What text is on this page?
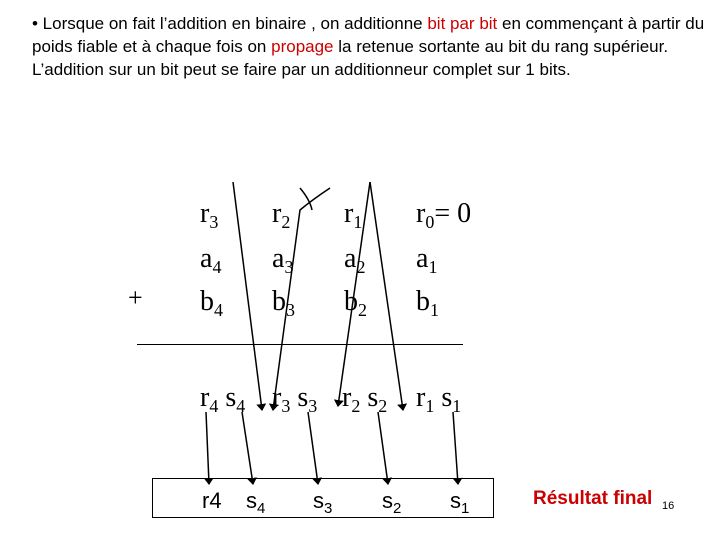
• Lorsque on fait l’addition en binaire , on additionne bit par bit en commençant à partir du poids fiable et à chaque fois on propage la retenue sortante au bit du rang supérieur.

L’addition sur un bit peut se faire par un additionneur complet sur 1 bits.

+
$r_3$
$a_4$
$b_4$
$r_2$
$a_3$
$b_3$
$r_1$
$a_2$
$b_2$
$r_0= 0$
$a_1$
$b_1$
$r_4$ $s_4$ $r_3$ $s_3$ $r_2$ $s_2$ $r_1$ $s_1$
r4 $s_4$ $s_3$ $s_2$ $s_1$	Résultat final 16
